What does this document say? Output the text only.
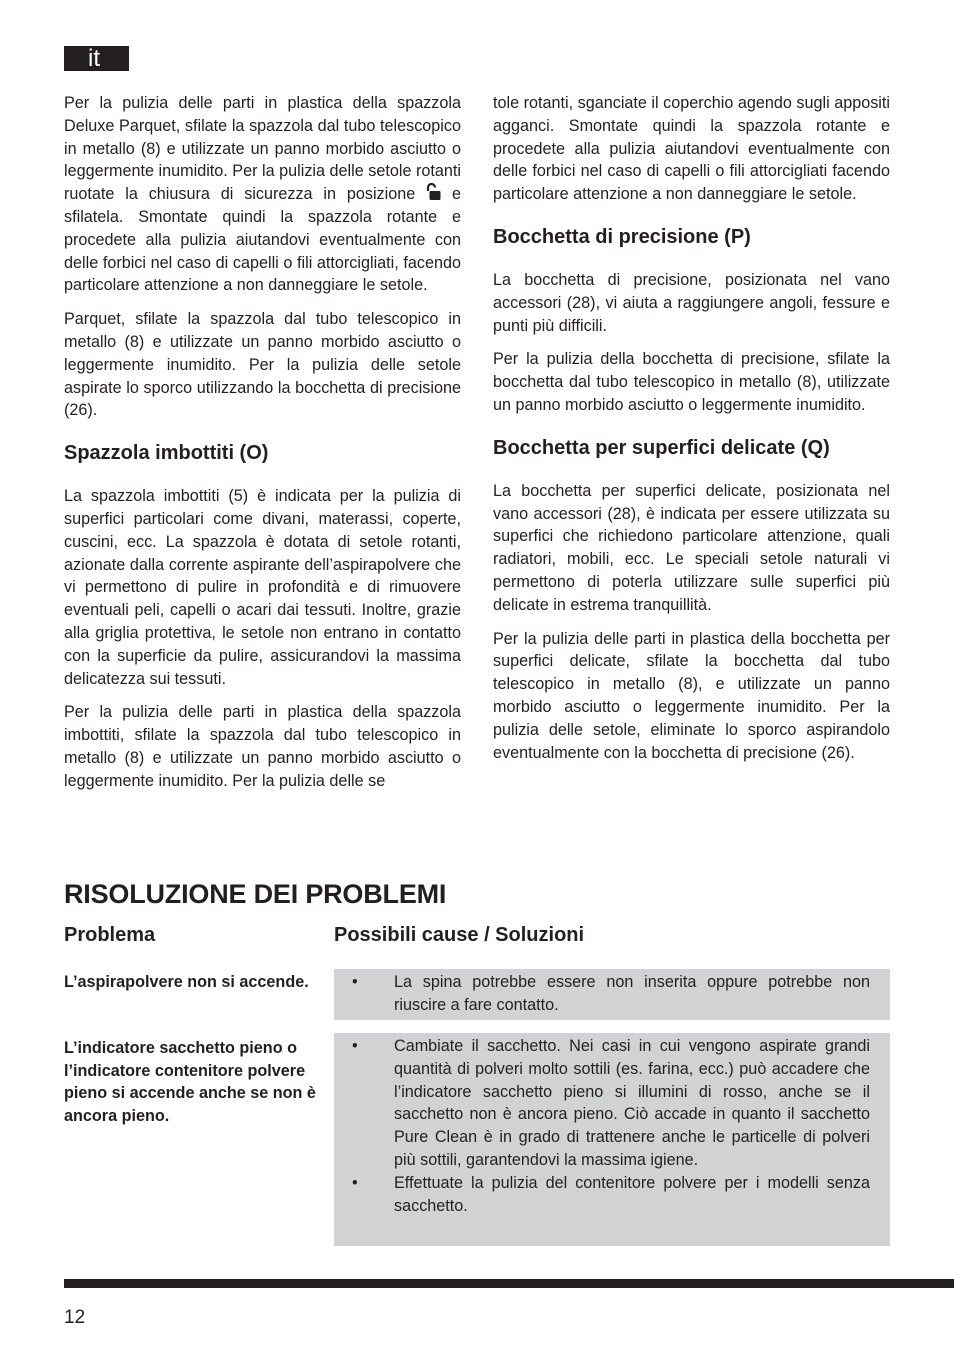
it

Per la pulizia delle parti in plastica della spazzola Deluxe Parquet, sfilate la spazzola dal tubo telescopico in metallo (8) e utilizzate un panno morbido asciutto o leggermente inumidito. Per la pulizia delle setole rotanti ruotate la chiusura di sicurezza in posizione e sfilatela. Smontate quindi la spazzola rotante e procedete alla pulizia aiutandovi eventualmente con delle forbici nel caso di capelli o fili attorcigliati, facendo particolare attenzione a non danneggiare le setole.

Parquet, sfilate la spazzola dal tubo telescopico in metallo (8) e utilizzate un panno morbido asciutto o leggermente inumidito. Per la pulizia delle setole aspirate lo sporco utilizzando la bocchetta di precisione (26).

Spazzola imbottiti (O)

La spazzola imbottiti (5) è indicata per la pulizia di superfici particolari come divani, materassi, coperte, cuscini, ecc. La spazzola è dotata di setole rotanti, azionate dalla corrente aspirante dell’aspirapolvere che vi permettono di pulire in profondità e di rimuovere eventuali peli, capelli o acari dai tessuti. Inoltre, grazie alla griglia protettiva, le setole non entrano in contatto con la superficie da pulire, assicurandovi la massima delicatezza sui tessuti.

Per la pulizia delle parti in plastica della spazzola imbottiti, sfilate la spazzola dal tubo telescopico in metallo (8) e utilizzate un panno morbido asciutto o leggermente inumidito. Per la pulizia delle se

tole rotanti, sganciate il coperchio agendo sugli appositi agganci. Smontate quindi la spazzola rotante e procedete alla pulizia aiutandovi eventualmente con delle forbici nel caso di capelli o fili attorcigliati facendo particolare attenzione a non danneggiare le setole.

Bocchetta di precisione (P)

La bocchetta di precisione, posizionata nel vano accessori (28), vi aiuta a raggiungere angoli, fessure e punti più difficili.

Per la pulizia della bocchetta di precisione, sfilate la bocchetta dal tubo telescopico in metallo (8), utilizzate un panno morbido asciutto o leggermente inumidito.

Bocchetta per superfici delicate (Q)

La bocchetta per superfici delicate, posizionata nel vano accessori (28), è indicata per essere utilizzata su superfici che richiedono particolare attenzione, quali radiatori, mobili, ecc. Le speciali setole naturali vi permettono di poterla utilizzare sulle superfici più delicate in estrema tranquillità.

Per la pulizia delle parti in plastica della bocchetta per superfici delicate, sfilate la bocchetta dal tubo telescopico in metallo (8), e utilizzate un panno morbido asciutto o leggermente inumidito. Per la pulizia delle setole, eliminate lo sporco aspirandolo eventualmente con la bocchetta di precisione (26).

RISOLUZIONE DEI PROBLEMI
Problema	Possibili cause / Soluzioni

L’aspirapolvere non si accende.	• La spina potrebbe essere non inserita oppure potrebbe non riuscire a fare contatto.

L’indicatore sacchetto pieno o l’indicatore contenitore polvere pieno si accende anche se non è ancora pieno.

• Cambiate il sacchetto. Nei casi in cui vengono aspirate grandi quantità di polveri molto sottili (es. farina, ecc.) può accadere che l’indicatore sacchetto pieno si illumini di rosso, anche se il sacchetto non è ancora pieno. Ciò accade in quanto il sacchetto Pure Clean è in grado di trattenere anche le particelle di polveri più sottili, garantendovi la massima igiene.
• Effettuate la pulizia del contenitore polvere per i modelli senza sacchetto.
12
